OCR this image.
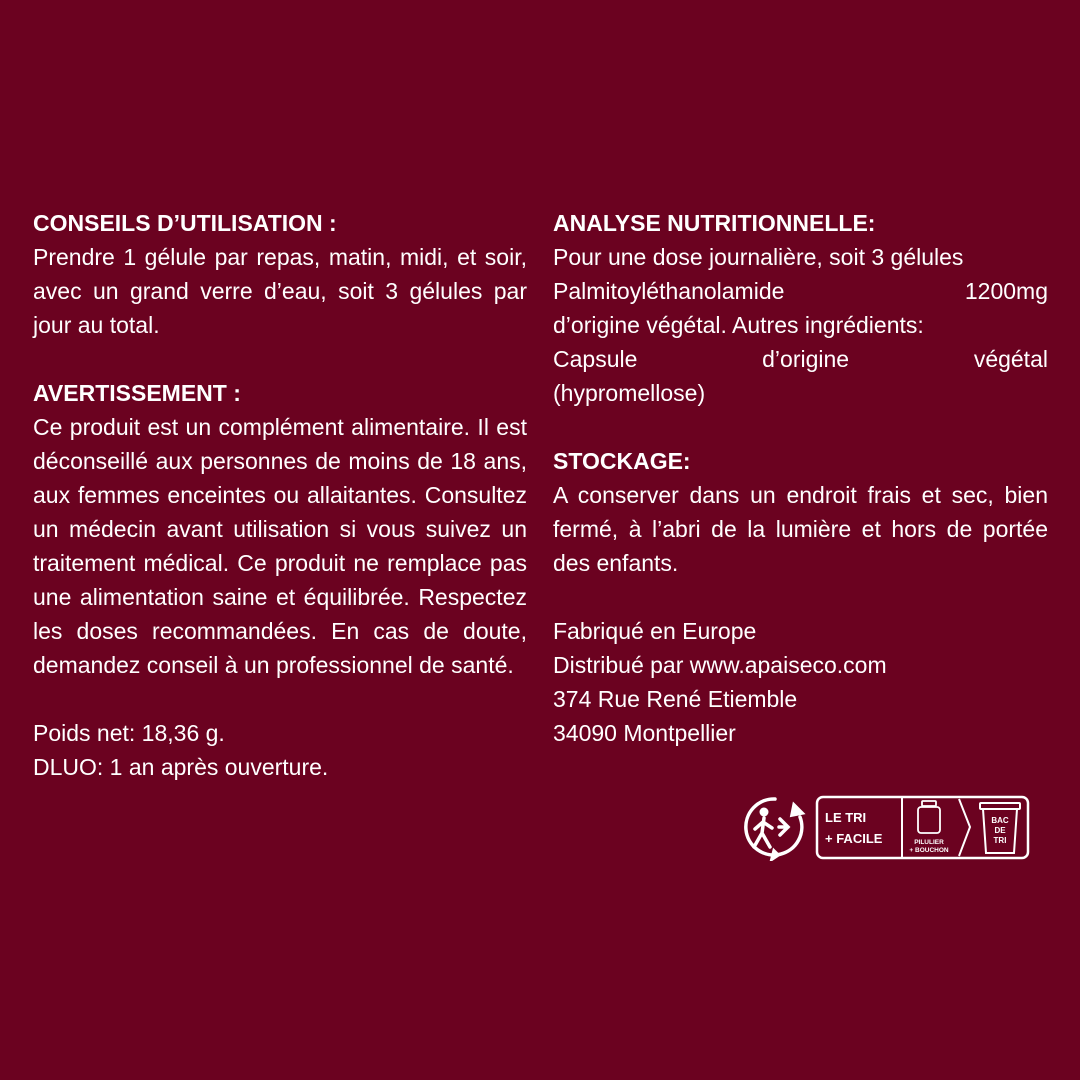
CONSEILS D’UTILISATION :

Prendre 1 gélule par repas, matin, midi, et soir, avec un grand verre d’eau, soit 3 gélules par jour au total.

AVERTISSEMENT :

Ce produit est un complément alimentaire. Il est déconseillé aux personnes de moins de 18 ans, aux femmes enceintes ou allaitantes. Consultez un médecin avant utilisation si vous suivez un traitement médical. Ce produit ne remplace pas une alimentation saine et équilibrée. Respectez les doses recommandées. En cas de doute, demandez conseil à un professionnel de santé.

Poids net: 18,36 g.

DLUO: 1 an après ouverture.

ANALYSE NUTRITIONNELLE:

Pour une dose journalière, soit 3 gélules

Palmitoyléthanolamide	1200mg

d’origine végétal. Autres ingrédients:

Capsule	d’origine	végétal

(hypromellose)

STOCKAGE:

A conserver dans un endroit frais et sec, bien fermé, à l’abri de la lumière et hors de portée des enfants.

Fabriqué en Europe

Distribué par www.apaiseco.com

374 Rue René Etiemble

34090 Montpellier

LE TRI
+ FACILE	PILULIER
+ BOUCHON
BAC
DE
TRI
